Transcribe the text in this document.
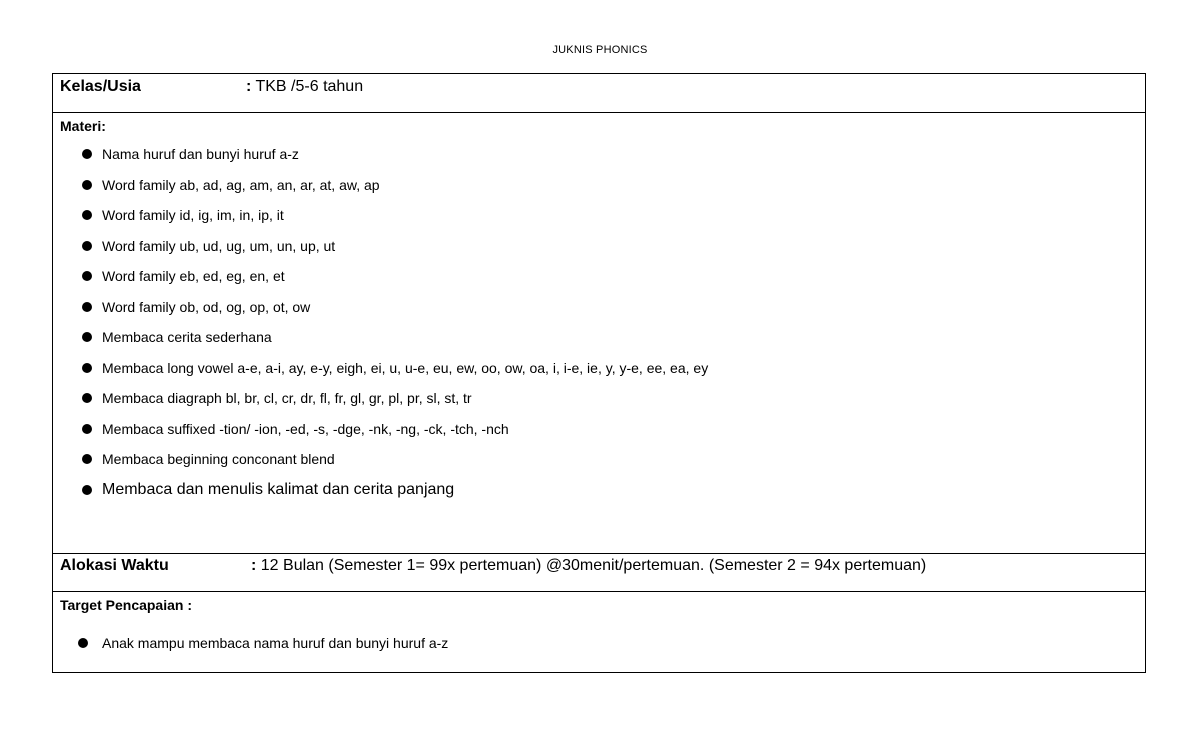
JUKNIS PHONICS
Kelas/Usia	: TKB /5-6 tahun
Materi:
Nama huruf dan bunyi huruf a-z
Word family ab, ad, ag, am, an, ar, at, aw, ap
Word family id, ig, im, in, ip, it
Word family ub, ud, ug, um, un, up, ut
Word family eb, ed, eg, en, et
Word family ob, od, og, op, ot, ow
Membaca cerita sederhana
Membaca long vowel a-e, a-i, ay, e-y, eigh, ei, u, u-e, eu, ew, oo, ow, oa, i, i-e, ie, y, y-e, ee, ea, ey
Membaca diagraph bl, br, cl, cr, dr, fl, fr, gl, gr, pl, pr, sl, st, tr
Membaca suffixed -tion/ -ion, -ed, -s, -dge, -nk, -ng, -ck, -tch, -nch
Membaca beginning conconant blend
Membaca dan menulis kalimat dan cerita panjang
Alokasi Waktu	: 12 Bulan (Semester 1= 99x pertemuan) @30menit/pertemuan. (Semester 2 = 94x pertemuan)
Target Pencapaian :
Anak mampu membaca nama huruf dan bunyi huruf a-z
